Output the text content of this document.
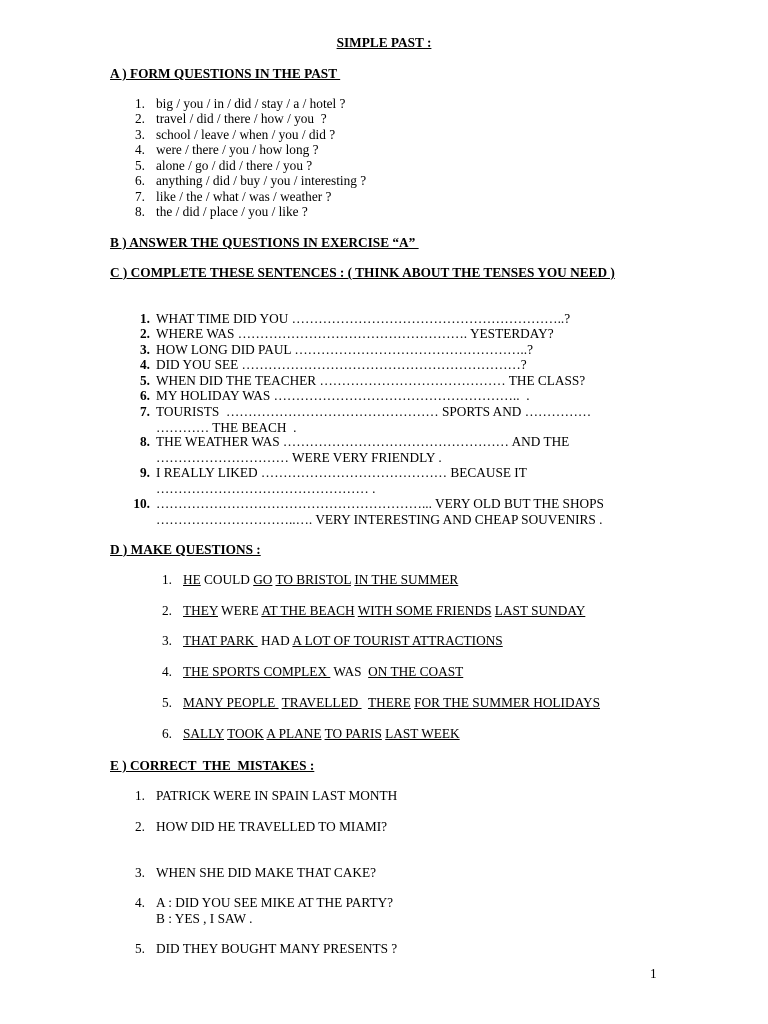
SIMPLE PAST :
A ) FORM QUESTIONS IN THE PAST
1. big / you / in / did / stay / a / hotel ?
2. travel / did / there / how / you  ?
3. school / leave / when / you / did ?
4. were / there / you / how long ?
5. alone / go / did / there / you ?
6. anything / did / buy / you / interesting ?
7. like / the / what / was / weather ?
8. the / did / place / you / like ?
B ) ANSWER THE QUESTIONS IN EXERCISE “A”
C ) COMPLETE THESE SENTENCES : ( THINK ABOUT THE TENSES YOU NEED )
1. WHAT TIME DID YOU ……………………………………………………..?
2. WHERE WAS ……………………………………………. YESTERDAY?
3. HOW LONG DID PAUL ……………………………………………..?
4. DID YOU SEE ………………………………………………………?
5. WHEN DID THE TEACHER …………………………………… THE CLASS?
6. MY HOLIDAY WAS ………………………………………………..  .
7. TOURISTS  ………………………………………… SPORTS AND ……………
………… THE BEACH  .
8. THE WEATHER WAS …………………………………………… AND THE
………………………… WERE VERY FRIENDLY .
9. I REALLY LIKED …………………………………… BECAUSE IT
………………………………………… .
10. ……………………………………………………... VERY OLD BUT THE SHOPS
…………………………..…. VERY INTERESTING AND CHEAP SOUVENIRS .
D ) MAKE QUESTIONS :
1. HE COULD GO TO BRISTOL IN THE SUMMER
2. THEY WERE AT THE BEACH WITH SOME FRIENDS LAST SUNDAY
3. THAT PARK  HAD A LOT OF TOURIST ATTRACTIONS
4. THE SPORTS COMPLEX  WAS  ON THE COAST
5. MANY PEOPLE  TRAVELLED   THERE FOR THE SUMMER HOLIDAYS
6. SALLY TOOK A PLANE TO PARIS LAST WEEK
E ) CORRECT  THE  MISTAKES :
1. PATRICK WERE IN SPAIN LAST MONTH
2. HOW DID HE TRAVELLED TO MIAMI?
3. WHEN SHE DID MAKE THAT CAKE?
4. A : DID YOU SEE MIKE AT THE PARTY?
B : YES , I SAW .
5. DID THEY BOUGHT MANY PRESENTS ?
1
